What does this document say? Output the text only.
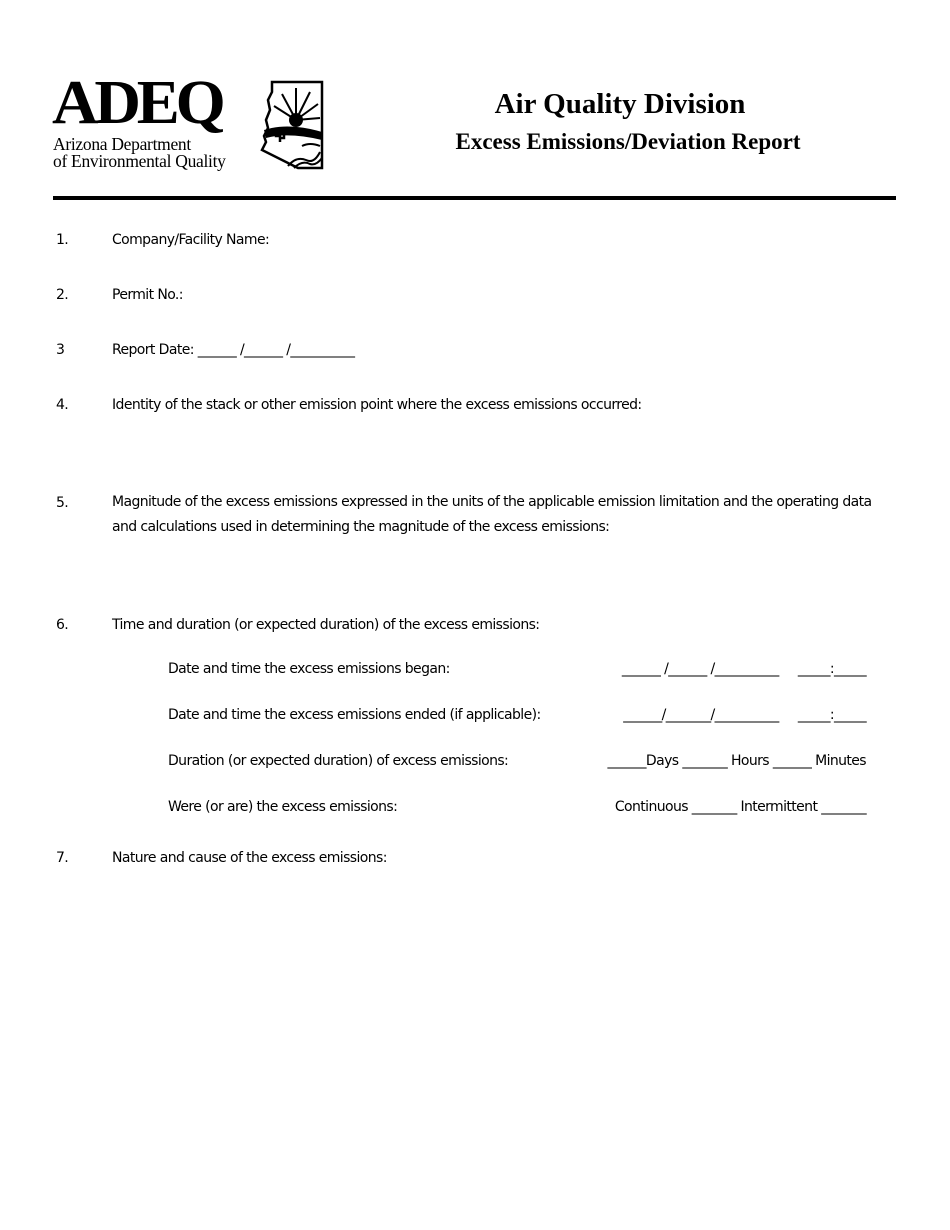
ADEQ
Arizona Department
of Environmental Quality
Air Quality Division
Excess Emissions/Deviation Report
1.	Company/Facility Name:
2.	Permit No.:
3	Report Date: ______ /______ /__________
4.	Identity of the stack or other emission point where the excess emissions occurred:
5.	Magnitude of the excess emissions expressed in the units of the applicable emission limitation and the operating data and calculations used in determining the magnitude of the excess emissions:
6.	Time and duration (or expected duration) of the excess emissions:
Date and time the excess emissions began:	______ /______ /__________     _____:_____
Date and time the excess emissions ended (if applicable):	______/_______/__________     _____:_____
Duration (or expected duration) of excess emissions:	______Days _______ Hours ______ Minutes
Were (or are) the excess emissions:	Continuous _______ Intermittent _______
7.	Nature and cause of the excess emissions:
